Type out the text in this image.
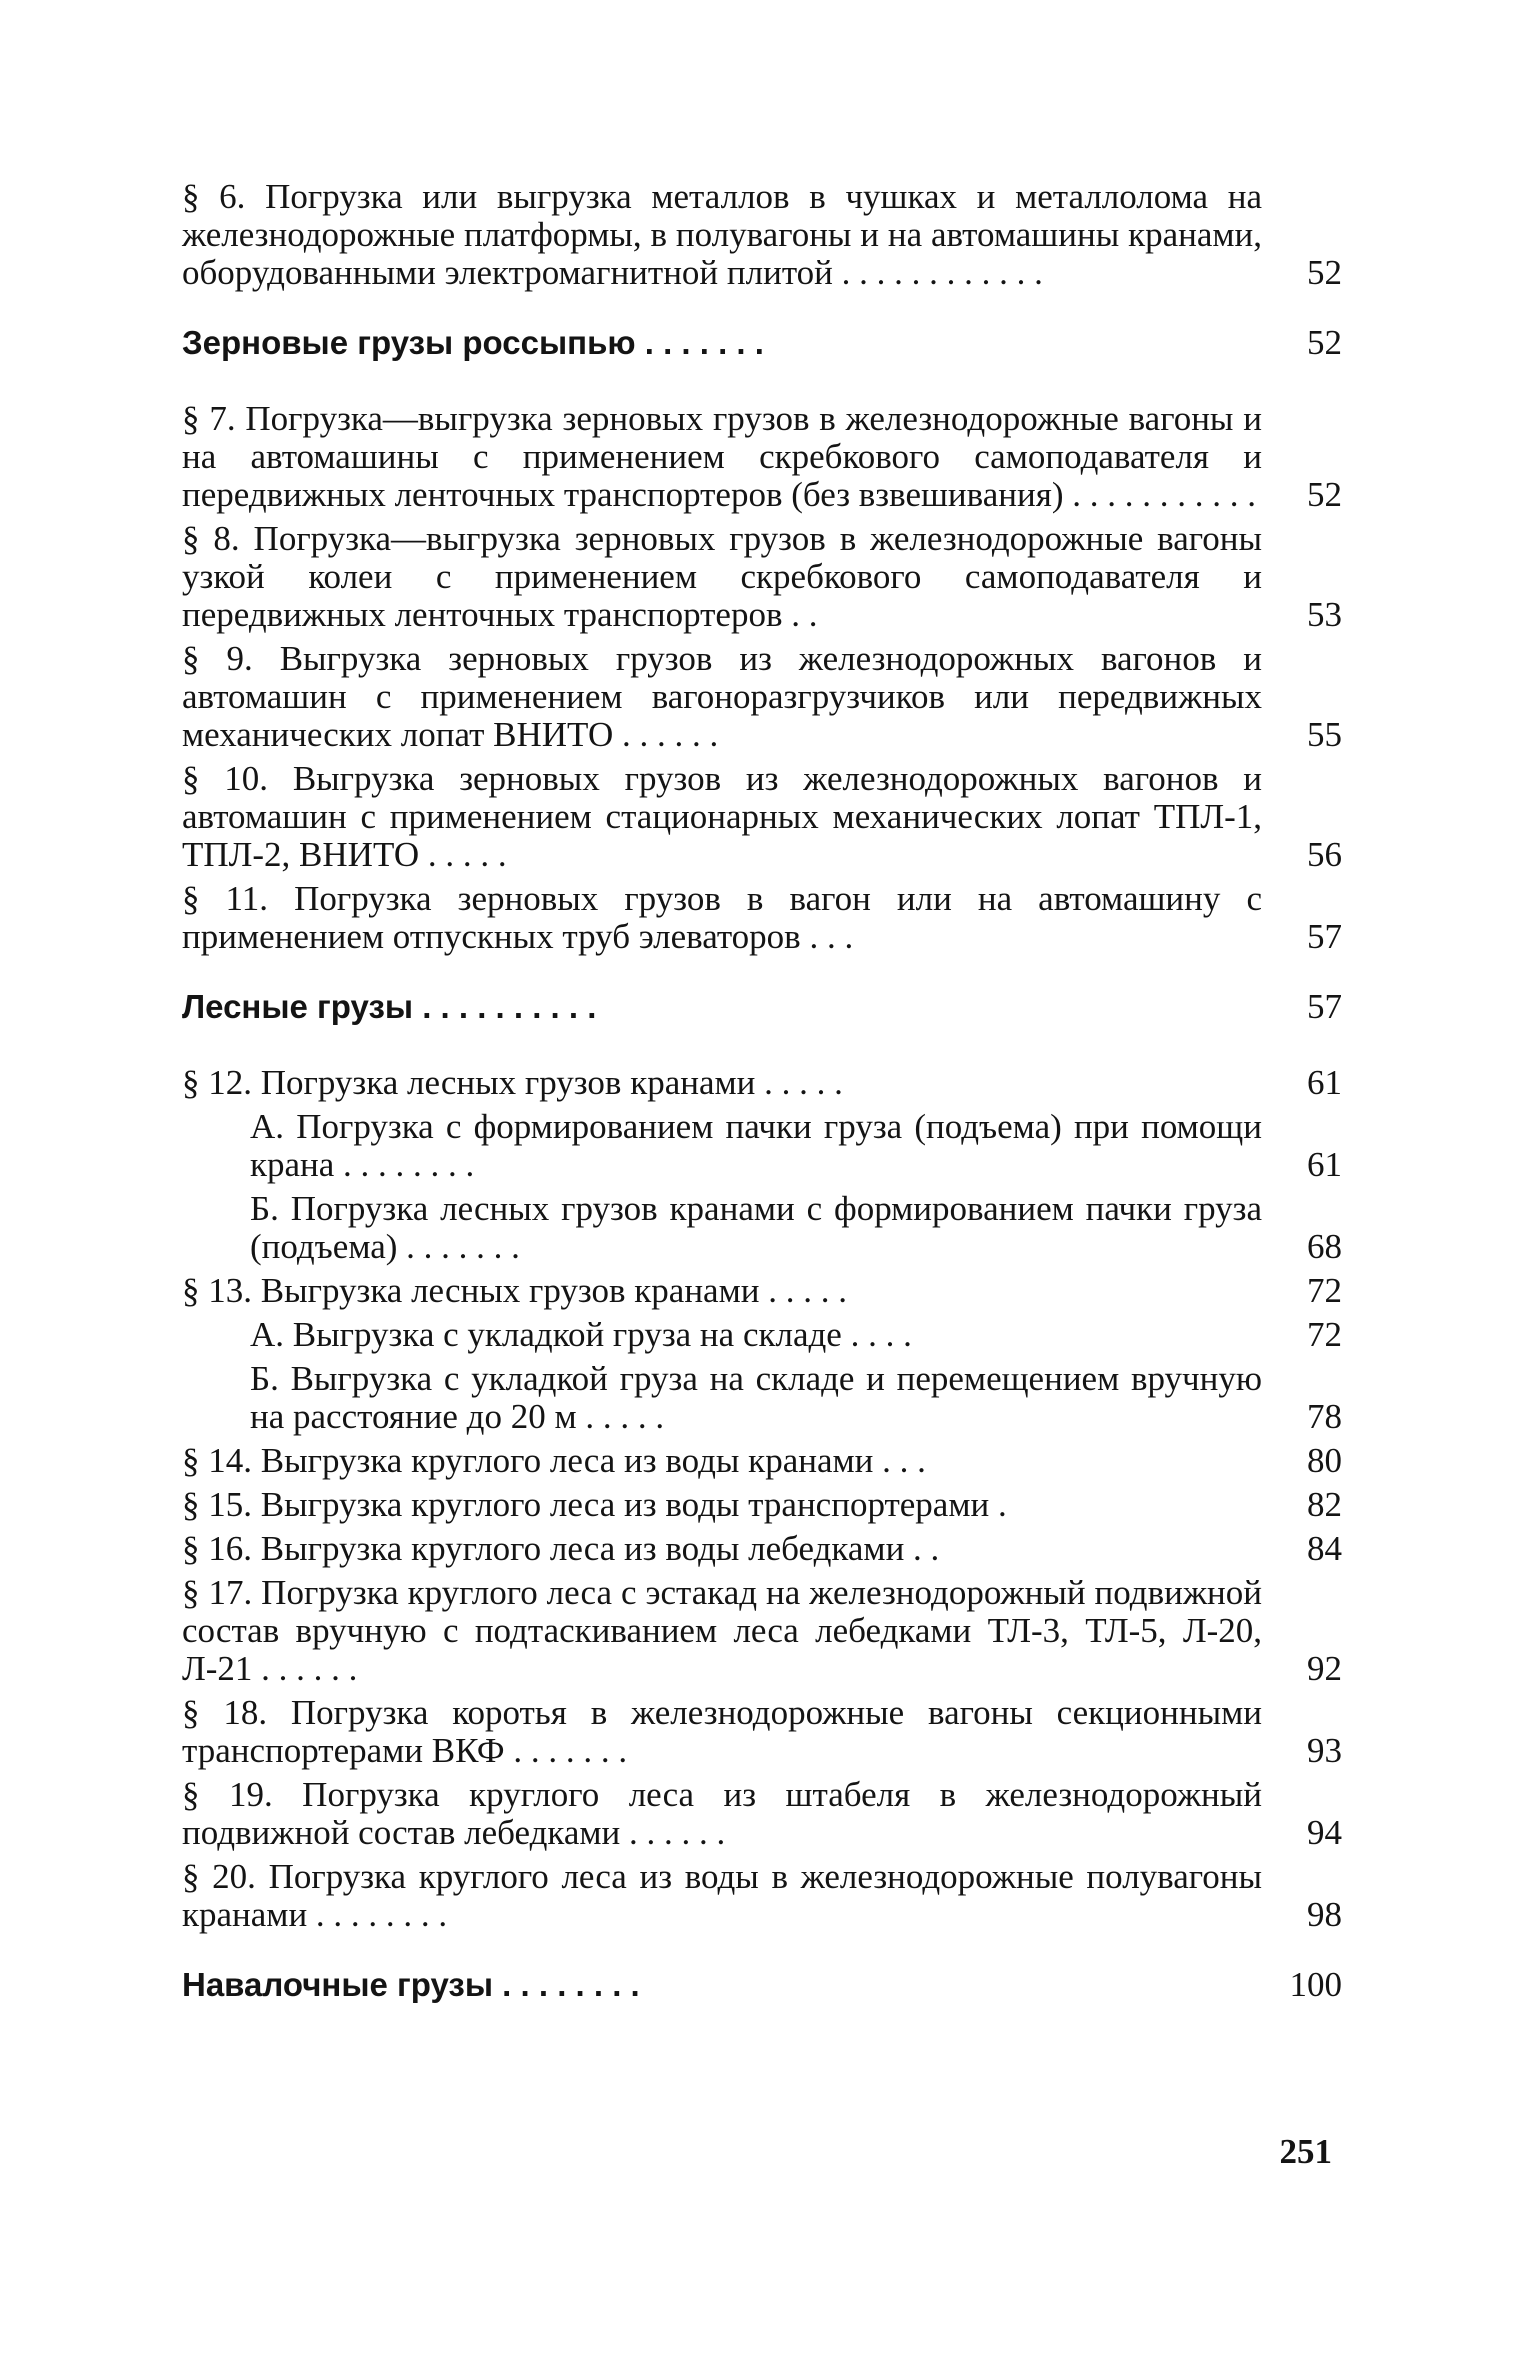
§ 6. Погрузка или выгрузка металлов в чушках и металлолома на железнодорожные платформы, в полувагоны и на автомашины кранами, оборудованными электромагнитной плитой . . . . . . . . . . . .	52
Зерновые грузы россыпью . . . . . . .	52
§ 7. Погрузка—выгрузка зерновых грузов в железнодорожные вагоны и на автомашины с применением скребкового самоподавателя и передвижных ленточных транспортеров (без взвешивания) . . . . . . . . . . .	52
§ 8. Погрузка—выгрузка зерновых грузов в железнодорожные вагоны узкой колеи с применением скребкового самоподавателя и передвижных ленточных транспортеров . .	53
§ 9. Выгрузка зерновых грузов из железнодорожных вагонов и автомашин с применением вагоноразгрузчиков или передвижных механических лопат ВНИТО . . . . . .	55
§ 10. Выгрузка зерновых грузов из железнодорожных вагонов и автомашин с применением стационарных механических лопат ТПЛ-1, ТПЛ-2, ВНИТО . . . . .	56
§ 11. Погрузка зерновых грузов в вагон или на автомашину с применением отпускных труб элеваторов . . .	57
Лесные грузы . . . . . . . . . .	57
§ 12. Погрузка лесных грузов кранами . . . . .	61
А. Погрузка с формированием пачки груза (подъема) при помощи крана . . . . . . . .	61
Б. Погрузка лесных грузов кранами с формированием пачки груза (подъема) . . . . . . .	68
§ 13. Выгрузка лесных грузов кранами . . . . .	72
А. Выгрузка с укладкой груза на складе . . . .	72
Б. Выгрузка с укладкой груза на складе и перемещением вручную на расстояние до 20 м . . . . .	78
§ 14. Выгрузка круглого леса из воды кранами . . .	80
§ 15. Выгрузка круглого леса из воды транспортерами .	82
§ 16. Выгрузка круглого леса из воды лебедками . .	84
§ 17. Погрузка круглого леса с эстакад на железнодорожный подвижной состав вручную с подтаскиванием леса лебедками ТЛ-3, ТЛ-5, Л-20, Л-21 . . . . . .	92
§ 18. Погрузка коротья в железнодорожные вагоны секционными транспортерами ВКФ . . . . . . .	93
§ 19. Погрузка круглого леса из штабеля в железнодорожный подвижной состав лебедками . . . . . .	94
§ 20. Погрузка круглого леса из воды в железнодорожные полувагоны кранами . . . . . . . .	98
Навалочные грузы . . . . . . . .	100
251
